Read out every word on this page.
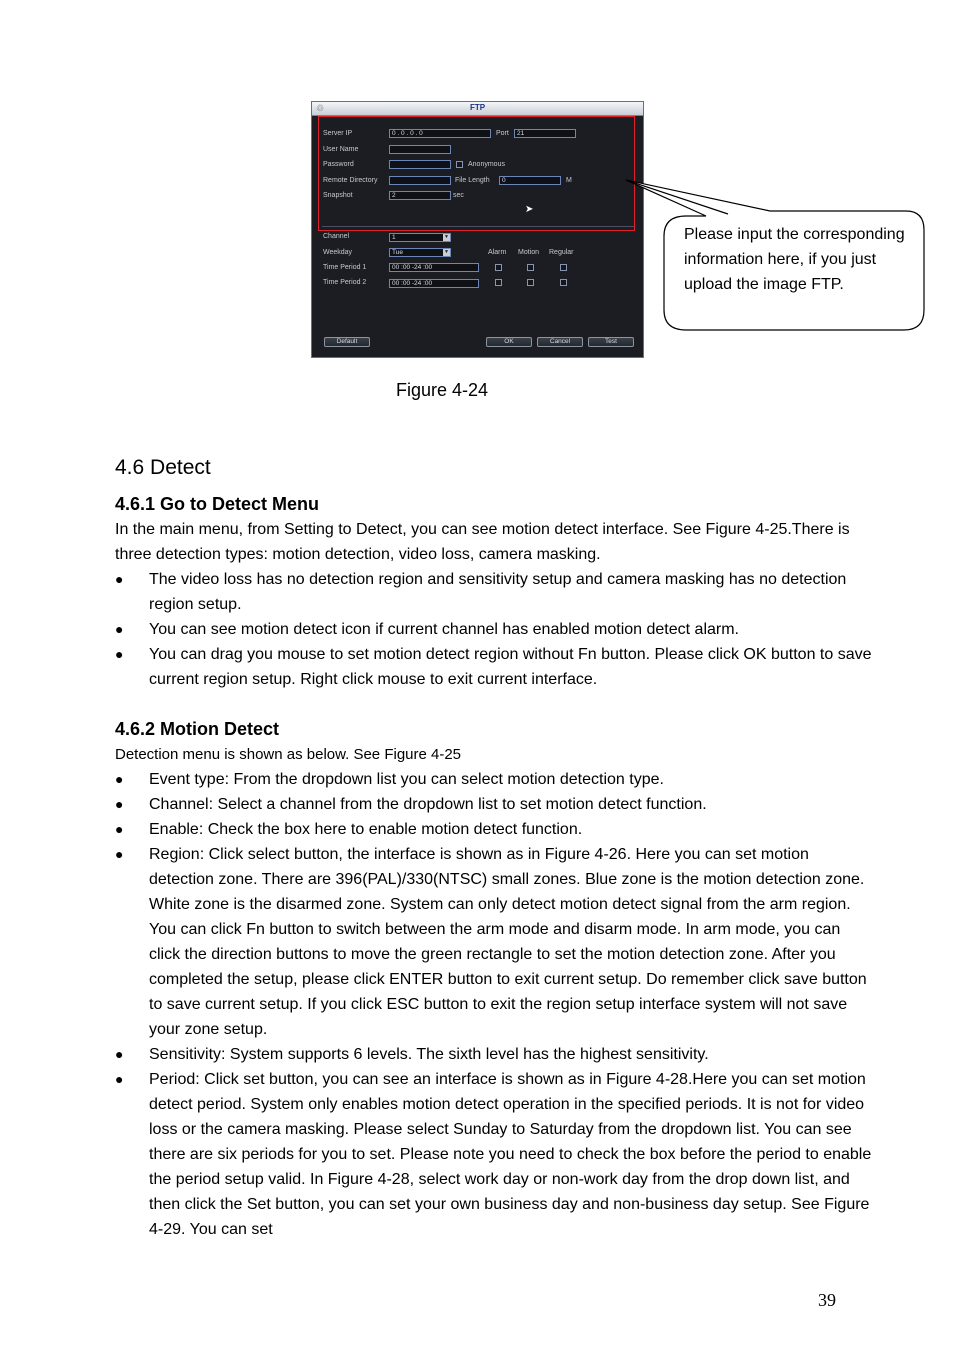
♲	FTP
Server IP	0 . 0 . 0 . 0	Port	21
User Name
Password	Anonymous
Remote Directory	File Length	0	M
Snapshot	2	sec
Channel	1	▼
Weekday	Tue	▼	Alarm Motion Regular
Time Period 1	00 :00 -24 :00
Time Period 2	00 :00 -24 :00
Default	OK	Cancel	Test
➤
Please input the corresponding information here, if you just upload the image FTP.
Figure 4-24
4.6 Detect
4.6.1 Go to Detect Menu
In the main menu, from Setting to Detect, you can see motion detect interface. See Figure 4-25.There is three detection types: motion detection, video loss, camera masking.
● The video loss has no detection region and sensitivity setup and camera masking has no detection region setup.
● You can see motion detect icon if current channel has enabled motion detect alarm.
● You can drag you mouse to set motion detect region without Fn button. Please click OK button to save current region setup. Right click mouse to exit current interface.
4.6.2 Motion Detect
Detection menu is shown as below. See Figure 4-25
● Event type: From the dropdown list you can select motion detection type.
● Channel: Select a channel from the dropdown list to set motion detect function.
● Enable: Check the box here to enable motion detect function.
● Region: Click select button, the interface is shown as in Figure 4-26. Here you can set motion detection zone. There are 396(PAL)/330(NTSC) small zones. Blue zone is the motion detection zone. White zone is the disarmed zone. System can only detect motion detect signal from the arm region. You can click Fn button to switch between the arm mode and disarm mode. In arm mode, you can click the direction buttons to move the green rectangle to set the motion detection zone. After you completed the setup, please click ENTER button to exit current setup. Do remember click save button to save current setup. If you click ESC button to exit the region setup interface system will not save your zone setup.
● Sensitivity: System supports 6 levels. The sixth level has the highest sensitivity.
● Period: Click set button, you can see an interface is shown as in Figure 4-28.Here you can set motion detect period. System only enables motion detect operation in the specified periods. It is not for video loss or the camera masking. Please select Sunday to Saturday from the dropdown list. You can see there are six periods for you to set. Please note you need to check the box before the period to enable the period setup valid. In Figure 4-28, select work day or non-work day from the drop down list, and then click the Set button, you can set your own business day and non-business day setup. See Figure 4-29. You can set
39
